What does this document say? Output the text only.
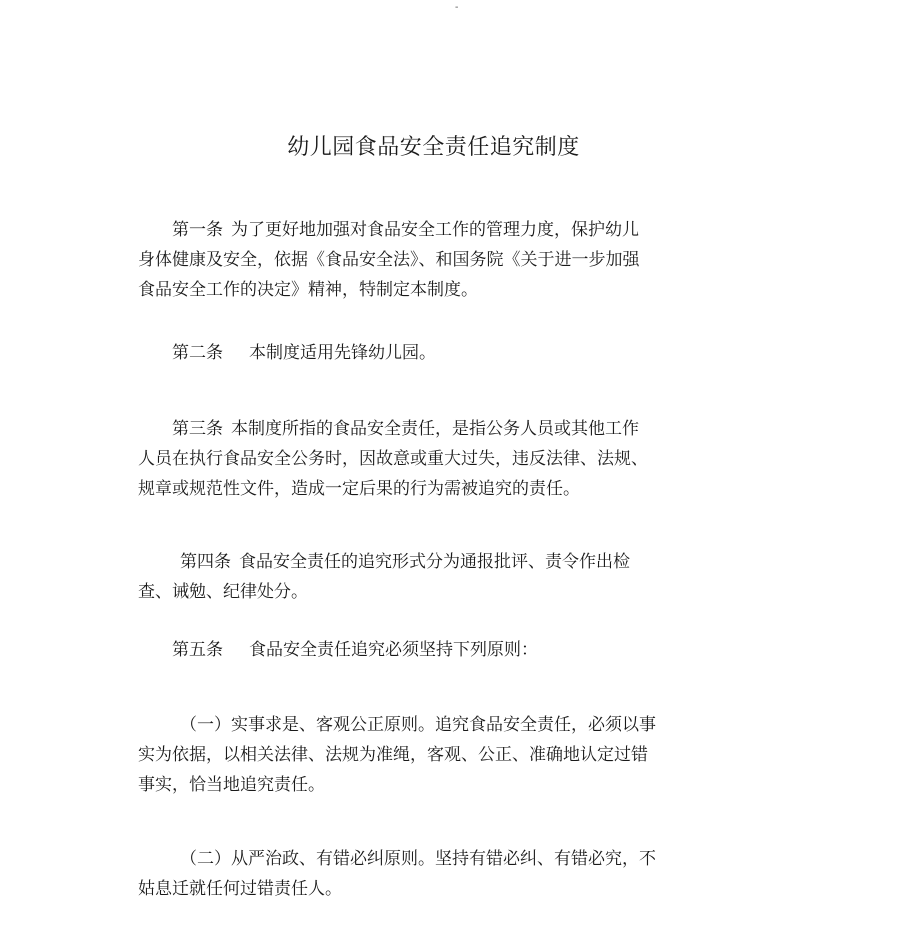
-
幼儿园食品安全责任追究制度
第一条 为了更好地加强对食品安全工作的管理力度，保护幼儿
身体健康及安全，依据《食品安全法》、和国务院《关于进一步加强
食品安全工作的决定》精神，特制定本制度。
第二条 本制度适用先锋幼儿园。
第三条 本制度所指的食品安全责任，是指公务人员或其他工作
人员在执行食品安全公务时，因故意或重大过失，违反法律、法规、
规章或规范性文件，造成一定后果的行为需被追究的责任。
第四条 食品安全责任的追究形式分为通报批评、责令作出检
查、诫勉、纪律处分。
第五条 食品安全责任追究必须坚持下列原则：
（一）实事求是、客观公正原则。追究食品安全责任，必须以事
实为依据，以相关法律、法规为准绳，客观、公正、准确地认定过错
事实，恰当地追究责任。
（二）从严治政、有错必纠原则。坚持有错必纠、有错必究，不
姑息迁就任何过错责任人。
